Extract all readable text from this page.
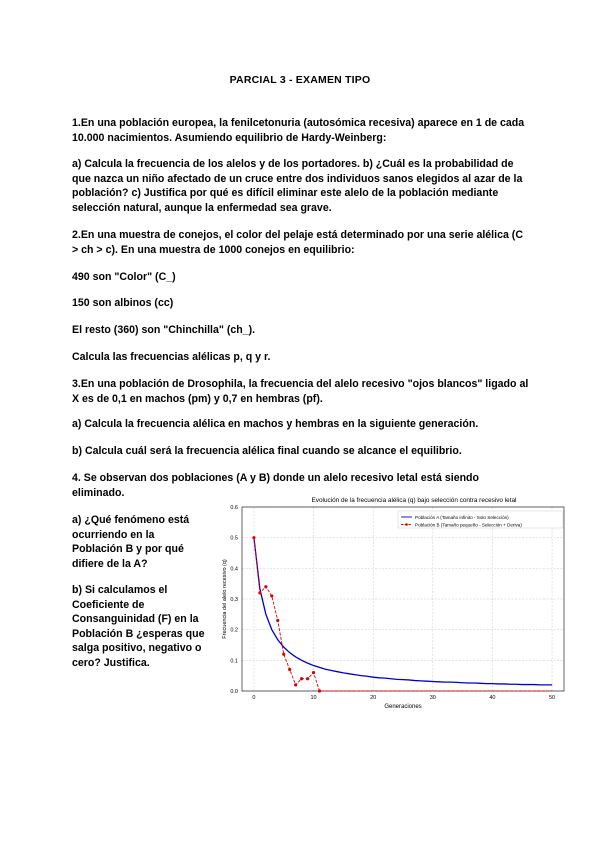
PARCIAL 3 - EXAMEN TIPO
1.En una población europea, la fenilcetonuria (autosómica recesiva) aparece en 1 de cada 10.000 nacimientos. Asumiendo equilibrio de Hardy-Weinberg:
a) Calcula la frecuencia de los alelos y de los portadores. b) ¿Cuál es la probabilidad de que nazca un niño afectado de un cruce entre dos individuos sanos elegidos al azar de la población? c) Justifica por qué es difícil eliminar este alelo de la población mediante selección natural, aunque la enfermedad sea grave.
2.En una muestra de conejos, el color del pelaje está determinado por una serie alélica (C > ch > c). En una muestra de 1000 conejos en equilibrio:
490 son "Color" (C_)
150 son albinos (cc)
El resto (360) son "Chinchilla" (ch_).
Calcula las frecuencias alélicas p, q y r.
3.En una población de Drosophila, la frecuencia del alelo recesivo "ojos blancos" ligado al X es de 0,1 en machos (pm) y 0,7 en hembras (pf).
a) Calcula la frecuencia alélica en machos y hembras en la siguiente generación.
b) Calcula cuál será la frecuencia alélica final cuando se alcance el equilibrio.
4. Se observan dos poblaciones (A y B) donde un alelo recesivo letal está siendo eliminado.
a) ¿Qué fenómeno está ocurriendo en la Población B y por qué difiere de la A?
b) Si calculamos el Coeficiente de Consanguinidad (F) en la Población B ¿esperas que salga positivo, negativo o cero? Justifica.
Evolución de la frecuencia alélica (q) bajo selección contra recesivo letal
0	10	20	30	40	50
0.0
0.1
0.2
0.3
0.4
0.5
0.6
Generaciones
Frecuencia del alelo recesivo (q)
Población A (Tamaño infinito - Solo Selección)
Población B (Tamaño pequeño - Selección + Deriva)
